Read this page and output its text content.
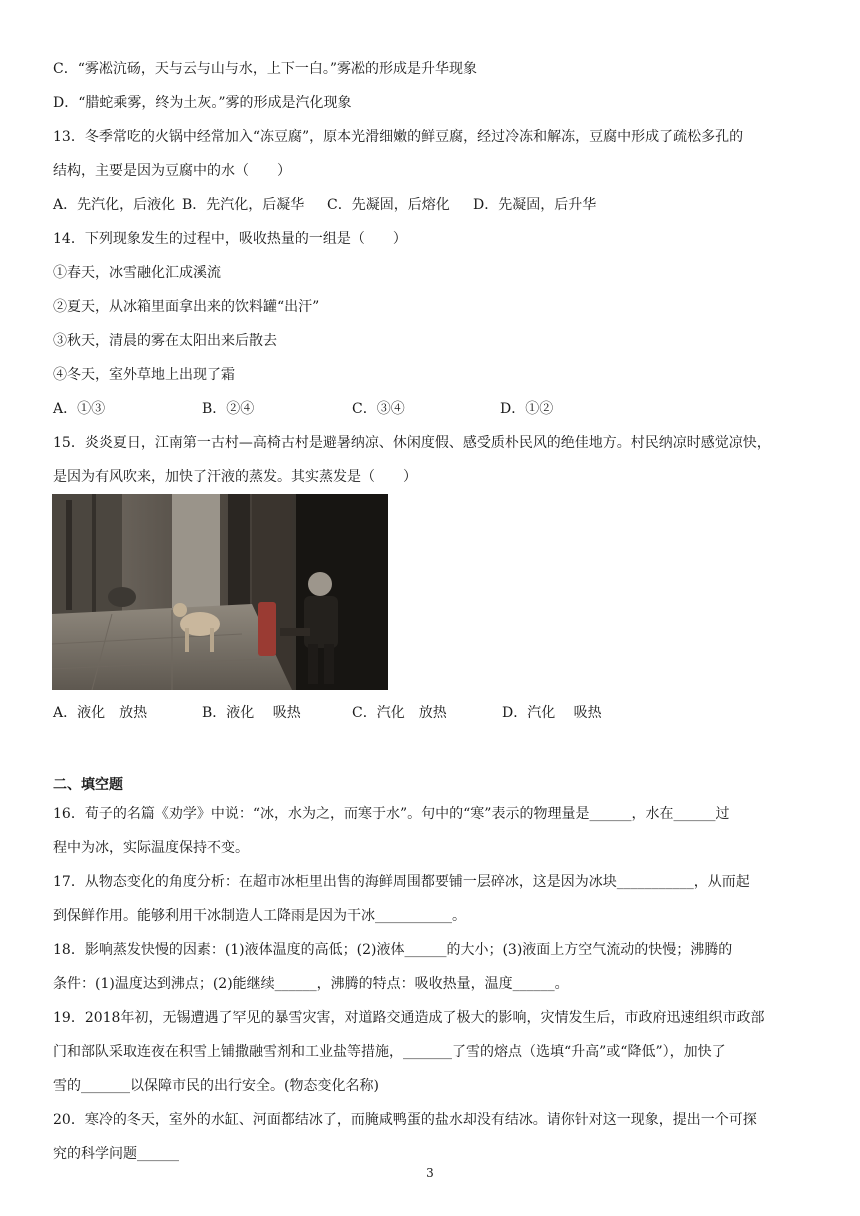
C．“雾凇沆砀，天与云与山与水，上下一白。”雾凇的形成是升华现象
D．“腊蛇乘雾，终为土灰。”雾的形成是汽化现象
13．冬季常吃的火锅中经常加入“冻豆腐”，原本光滑细嫩的鲜豆腐，经过冷冻和解冻，豆腐中形成了疏松多孔的
结构，主要是因为豆腐中的水（　　）
A．先汽化，后液化 B．先汽化，后凝华 C．先凝固，后熔化 D．先凝固，后升华
14．下列现象发生的过程中，吸收热量的一组是（　　）
①春天，冰雪融化汇成溪流
②夏天，从冰箱里面拿出来的饮料罐“出汗”
③秋天，清晨的雾在太阳出来后散去
④冬天，室外草地上出现了霜
A．①③	B．②④	C．③④	D．①②
15．炎炎夏日，江南第一古村—高椅古村是避暑纳凉、休闲度假、感受质朴民风的绝佳地方。村民纳凉时感觉凉快，
是因为有风吹来，加快了汗液的蒸发。其实蒸发是（　　）
A．液化　放热	B．液化　 吸热	C．汽化　放热	D．汽化　 吸热
二、填空题
16．荀子的名篇《劝学》中说：“冰，水为之，而寒于水”。句中的“寒”表示的物理量是______，水在______过
程中为冰，实际温度保持不变。
17．从物态变化的角度分析：在超市冰柜里出售的海鲜周围都要铺一层碎冰，这是因为冰块___________，从而起
到保鲜作用。能够利用干冰制造人工降雨是因为干冰___________。
18．影响蒸发快慢的因素：(1)液体温度的高低；(2)液体______的大小；(3)液面上方空气流动的快慢；沸腾的
条件：(1)温度达到沸点；(2)能继续______，沸腾的特点：吸收热量，温度______。
19．2018年初，无锡遭遇了罕见的暴雪灾害，对道路交通造成了极大的影响，灾情发生后，市政府迅速组织市政部
门和部队采取连夜在积雪上铺撒融雪剂和工业盐等措施，_______了雪的熔点（选填“升高”或“降低”），加快了
雪的_______以保障市民的出行安全。(物态变化名称)
20．寒冷的冬天，室外的水缸、河面都结冰了，而腌咸鸭蛋的盐水却没有结冰。请你针对这一现象，提出一个可探
究的科学问题______
3
